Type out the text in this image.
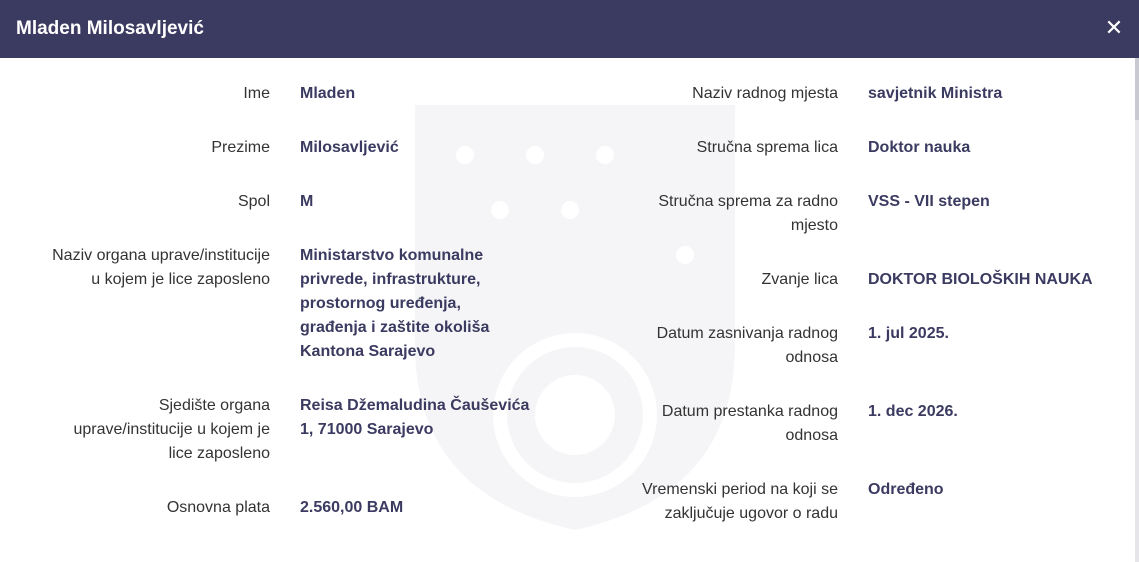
Mladen Milosavljević	✕
Ime Mladen
Prezime Milosavljević
Spol M
Naziv organa uprave/institucije
u kojem je lice zaposleno
Ministarstvo komunalne
privrede, infrastrukture,
prostornog uređenja,
građenja i zaštite okoliša
Kantona Sarajevo
Sjedište organa
uprave/institucije u kojem je
lice zaposleno
Reisa Džemaludina Čauševića
1, 71000 Sarajevo
Osnovna plata 2.560,00 BAM
Naziv radnog mjesta savjetnik Ministra
Stručna sprema lica Doktor nauka
Stručna sprema za radno
mjesto
VSS - VII stepen
Zvanje lica DOKTOR BIOLOŠKIH NAUKA
Datum zasnivanja radnog
odnosa
1. jul 2025.
Datum prestanka radnog
odnosa
1. dec 2026.
Vremenski period na koji se
zaključuje ugovor o radu
Određeno
